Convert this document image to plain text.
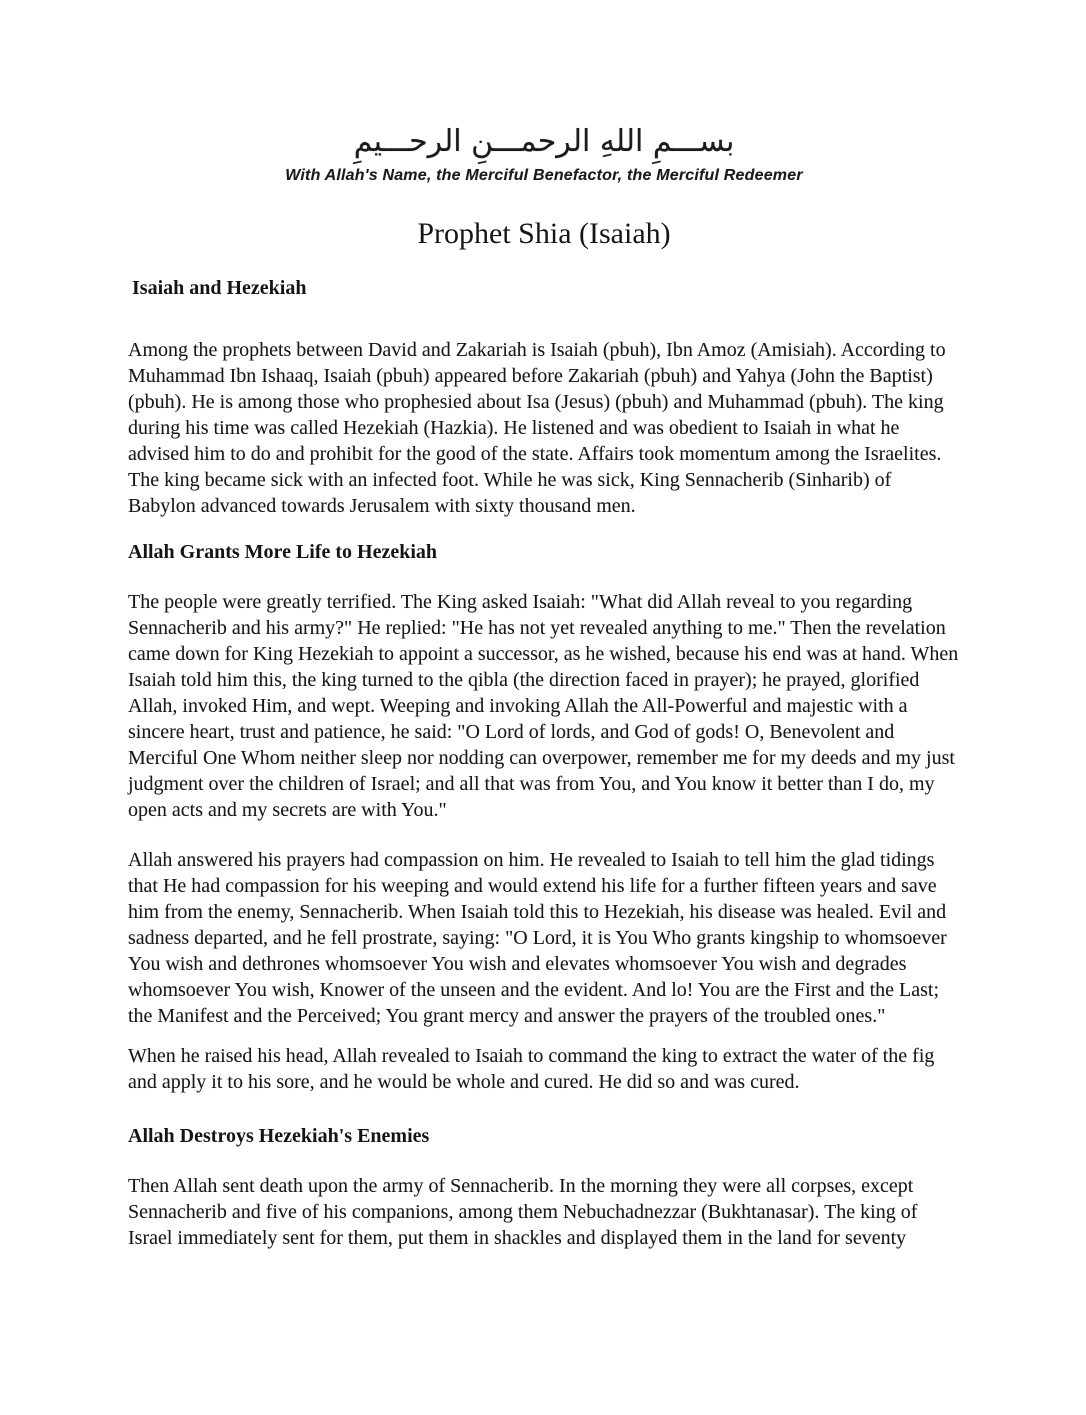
بســـمِ اللهِ الرحمـــنِ الرحـــيمِ
With Allah's Name, the Merciful Benefactor, the Merciful Redeemer
Prophet Shia (Isaiah)
Isaiah and Hezekiah

Among the prophets between David and Zakariah is Isaiah (pbuh), Ibn Amoz (Amisiah). According to Muhammad Ibn Ishaaq, Isaiah (pbuh) appeared before Zakariah (pbuh) and Yahya (John the Baptist) (pbuh). He is among those who prophesied about Isa (Jesus) (pbuh) and Muhammad (pbuh). The king during his time was called Hezekiah (Hazkia). He listened and was obedient to Isaiah in what he advised him to do and prohibit for the good of the state. Affairs took momentum among the Israelites. The king became sick with an infected foot. While he was sick, King Sennacherib (Sinharib) of Babylon advanced towards Jerusalem with sixty thousand men.

Allah Grants More Life to Hezekiah

The people were greatly terrified. The King asked Isaiah: "What did Allah reveal to you regarding Sennacherib and his army?" He replied: "He has not yet revealed anything to me." Then the revelation came down for King Hezekiah to appoint a successor, as he wished, because his end was at hand. When Isaiah told him this, the king turned to the qibla (the direction faced in prayer); he prayed, glorified Allah, invoked Him, and wept. Weeping and invoking Allah the All-Powerful and majestic with a sincere heart, trust and patience, he said: "O Lord of lords, and God of gods! O, Benevolent and Merciful One Whom neither sleep nor nodding can overpower, remember me for my deeds and my just judgment over the children of Israel; and all that was from You, and You know it better than I do, my open acts and my secrets are with You."

Allah answered his prayers had compassion on him. He revealed to Isaiah to tell him the glad tidings that He had compassion for his weeping and would extend his life for a further fifteen years and save him from the enemy, Sennacherib. When Isaiah told this to Hezekiah, his disease was healed. Evil and sadness departed, and he fell prostrate, saying: "O Lord, it is You Who grants kingship to whomsoever You wish and dethrones whomsoever You wish and elevates whomsoever You wish and degrades whomsoever You wish, Knower of the unseen and the evident. And lo! You are the First and the Last; the Manifest and the Perceived; You grant mercy and answer the prayers of the troubled ones."

When he raised his head, Allah revealed to Isaiah to command the king to extract the water of the fig and apply it to his sore, and he would be whole and cured. He did so and was cured.

Allah Destroys Hezekiah's Enemies

Then Allah sent death upon the army of Sennacherib. In the morning they were all corpses, except Sennacherib and five of his companions, among them Nebuchadnezzar (Bukhtanasar). The king of Israel immediately sent for them, put them in shackles and displayed them in the land for seventy
